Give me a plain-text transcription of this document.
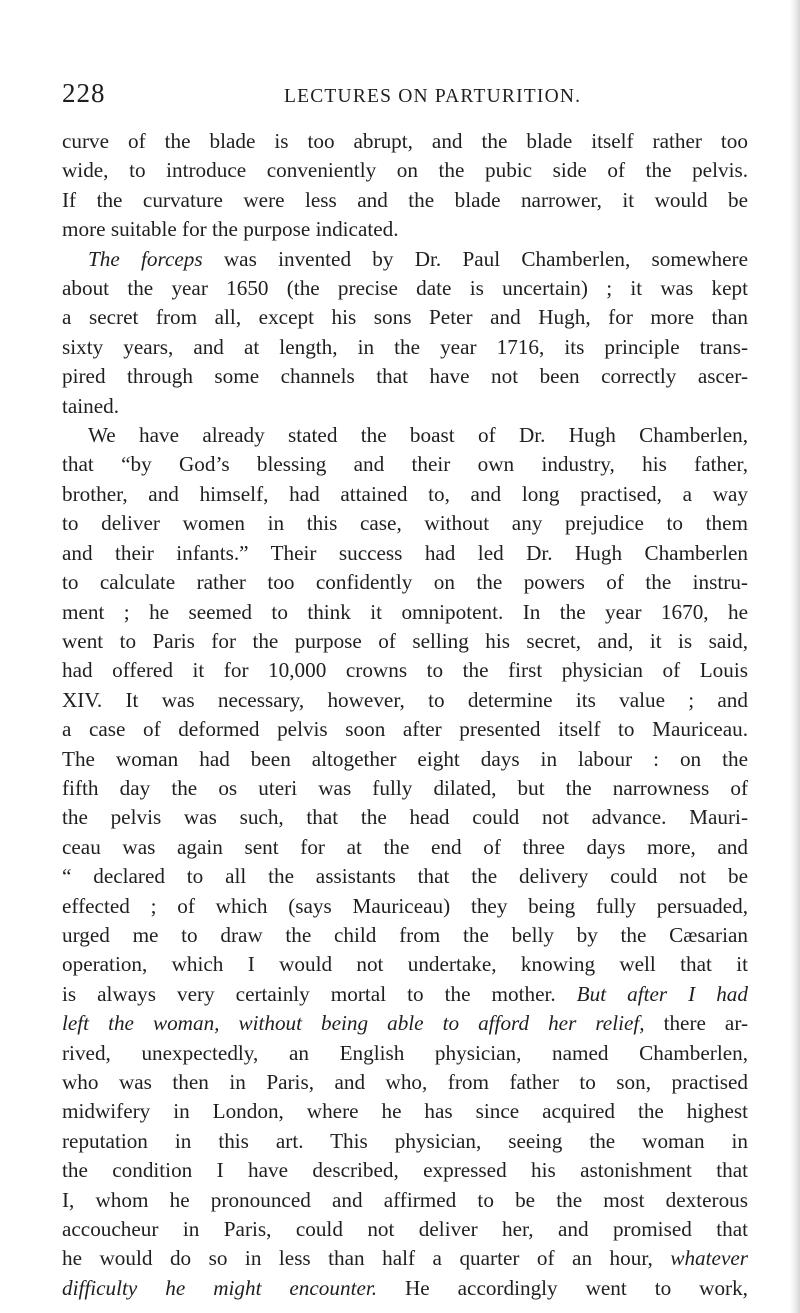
228	LECTURES ON PARTURITION.
curve of the blade is too abrupt, and the blade itself rather too
wide, to introduce conveniently on the pubic side of the pelvis.
If the curvature were less and the blade narrower, it would be
more suitable for the purpose indicated.
The forceps was invented by Dr. Paul Chamberlen, somewhere
about the year 1650 (the precise date is uncertain) ; it was kept
a secret from all, except his sons Peter and Hugh, for more than
sixty years, and at length, in the year 1716, its principle trans-
pired through some channels that have not been correctly ascer-
tained.
We have already stated the boast of Dr. Hugh Chamberlen,
that “by God’s blessing and their own industry, his father,
brother, and himself, had attained to, and long practised, a way
to deliver women in this case, without any prejudice to them
and their infants.” Their success had led Dr. Hugh Chamberlen
to calculate rather too confidently on the powers of the instru-
ment ; he seemed to think it omnipotent. In the year 1670, he
went to Paris for the purpose of selling his secret, and, it is said,
had offered it for 10,000 crowns to the first physician of Louis
XIV. It was necessary, however, to determine its value ; and
a case of deformed pelvis soon after presented itself to Mauriceau.
The woman had been altogether eight days in labour : on the
fifth day the os uteri was fully dilated, but the narrowness of
the pelvis was such, that the head could not advance. Mauri-
ceau was again sent for at the end of three days more, and
“ declared to all the assistants that the delivery could not be
effected ; of which (says Mauriceau) they being fully persuaded,
urged me to draw the child from the belly by the Cæsarian
operation, which I would not undertake, knowing well that it
is always very certainly mortal to the mother. But after I had
left the woman, without being able to afford her relief, there ar-
rived, unexpectedly, an English physician, named Chamberlen,
who was then in Paris, and who, from father to son, practised
midwifery in London, where he has since acquired the highest
reputation in this art. This physician, seeing the woman in
the condition I have described, expressed his astonishment that
I, whom he pronounced and affirmed to be the most dexterous
accoucheur in Paris, could not deliver her, and promised that
he would do so in less than half a quarter of an hour, whatever
difficulty he might encounter. He accordingly went to work,
